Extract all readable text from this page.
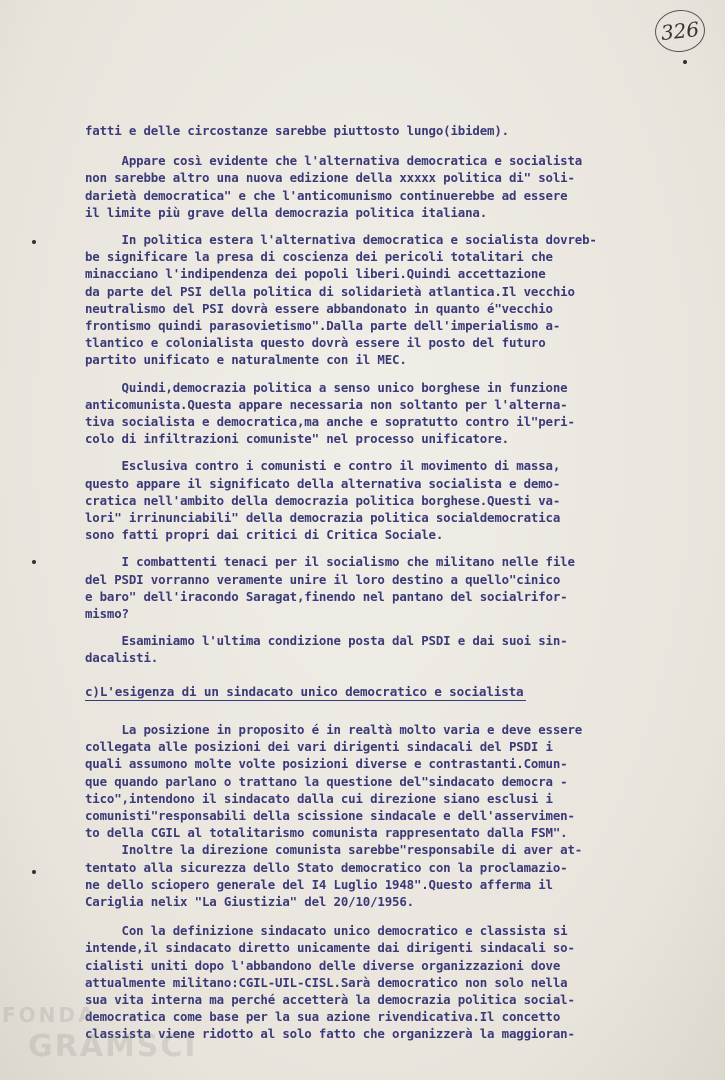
326

fatti e delle circostanze sarebbe piuttosto lungo(ibidem).

Appare così evidente che l'alternativa democratica e socialista
non sarebbe altro una nuova edizione della xxxxx politica di" soli-
darietà democratica" e che l'anticomunismo continuerebbe ad essere
il limite più grave della democrazia politica italiana.

In politica estera l'alternativa democratica e socialista dovreb-
be significare la presa di coscienza dei pericoli totalitari che
minacciano l'indipendenza dei popoli liberi.Quindi accettazione
da parte del PSI della politica di solidarietà atlantica.Il vecchio
neutralismo del PSI dovrà essere abbandonato in quanto é"vecchio
frontismo quindi parasovietismo".Dalla parte dell'imperialismo a-
tlantico e colonialista questo dovrà essere il posto del futuro
partito unificato e naturalmente con il MEC.

Quindi,democrazia politica a senso unico borghese in funzione
anticomunista.Questa appare necessaria non soltanto per l'alterna-
tiva socialista e democratica,ma anche e sopratutto contro il"peri-
colo di infiltrazioni comuniste" nel processo unificatore.

Esclusiva contro i comunisti e contro il movimento di massa,
questo appare il significato della alternativa socialista e demo-
cratica nell'ambito della democrazia politica borghese.Questi va-
lori" irrinunciabili" della democrazia politica socialdemocratica
sono fatti propri dai critici di Critica Sociale.

I combattenti tenaci per il socialismo che militano nelle file
del PSDI vorranno veramente unire il loro destino a quello"cinico
e baro" dell'iracondo Saragat,finendo nel pantano del socialrifor-
mismo?

Esaminiamo l'ultima condizione posta dal PSDI e dai suoi sin-
dacalisti.

c)L'esigenza di un sindacato unico democratico e socialista

La posizione in proposito é in realtà molto varia e deve essere
collegata alle posizioni dei vari dirigenti sindacali del PSDI i
quali assumono molte volte posizioni diverse e contrastanti.Comun-
que quando parlano o trattano la questione del"sindacato democra -
tico",intendono il sindacato dalla cui direzione siano esclusi i
comunisti"responsabili della scissione sindacale e dell'asservimen-
to della CGIL al totalitarismo comunista rappresentato dalla FSM".
Inoltre la direzione comunista sarebbe"responsabile di aver at-
tentato alla sicurezza dello Stato democratico con la proclamazio-
ne dello sciopero generale del I4 Luglio 1948".Questo afferma il
Cariglia nelix "La Giustizia" del 20/10/1956.

Con la definizione sindacato unico democratico e classista si
intende,il sindacato diretto unicamente dai dirigenti sindacali so-
cialisti uniti dopo l'abbandono delle diverse organizzazioni dove
attualmente militano:CGIL-UIL-CISL.Sarà democratico non solo nella
sua vita interna ma perché accetterà la democrazia politica social-
democratica come base per la sua azione rivendicativa.Il concetto
classista viene ridotto al solo fatto che organizzerà la maggioran-

FONDA
GRAMSCI
